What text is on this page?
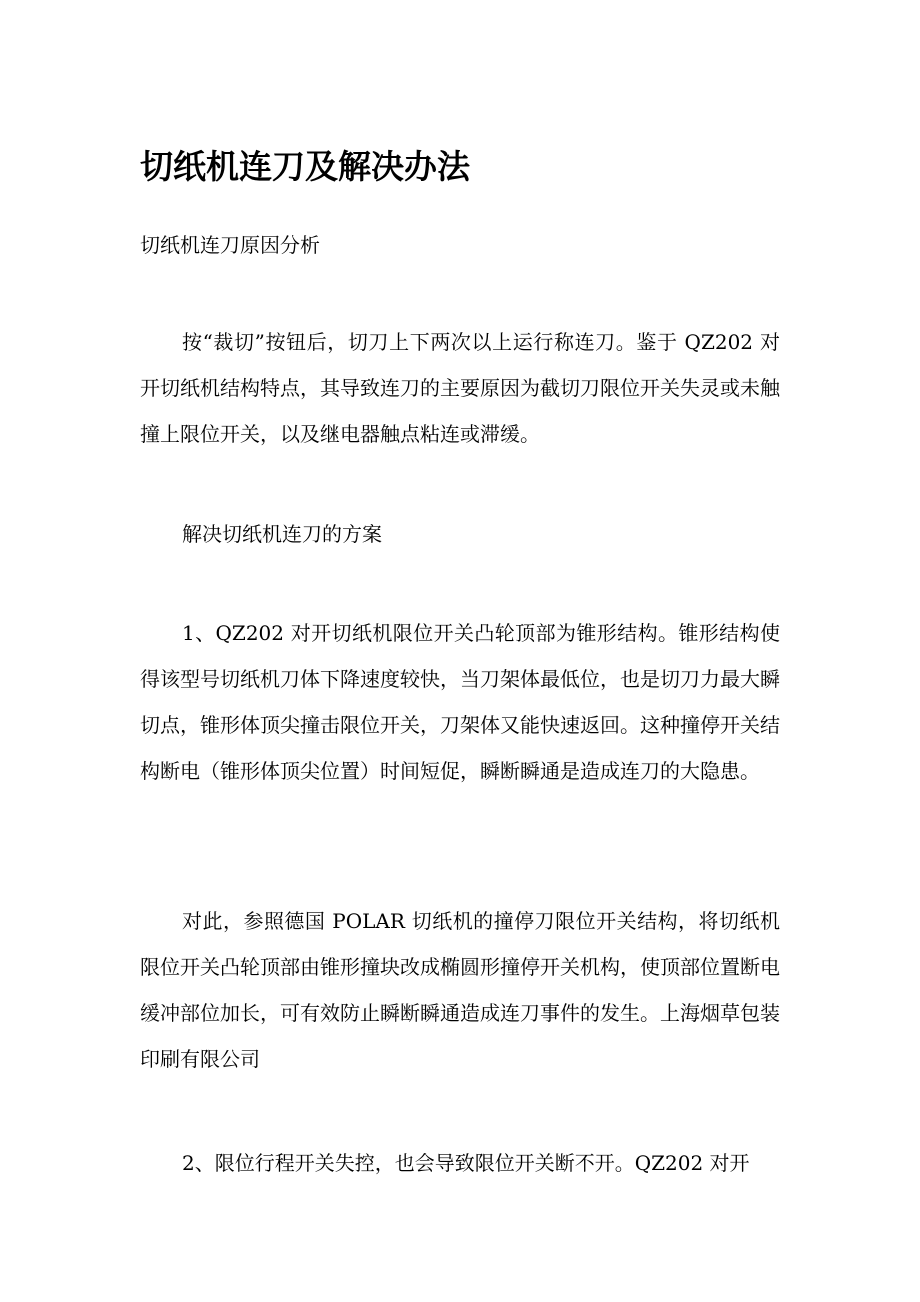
切纸机连刀及解决办法

切纸机连刀原因分析

按“裁切”按钮后，切刀上下两次以上运行称连刀。鉴于 QZ202 对开切纸机结构特点，其导致连刀的主要原因为截切刀限位开关失灵或未触撞上限位开关，以及继电器触点粘连或滞缓。

解决切纸机连刀的方案

1、QZ202 对开切纸机限位开关凸轮顶部为锥形结构。锥形结构使得该型号切纸机刀体下降速度较快，当刀架体最低位，也是切刀力最大瞬切点，锥形体顶尖撞击限位开关，刀架体又能快速返回。这种撞停开关结构断电（锥形体顶尖位置）时间短促，瞬断瞬通是造成连刀的大隐患。

对此，参照德国 POLAR 切纸机的撞停刀限位开关结构，将切纸机限位开关凸轮顶部由锥形撞块改成椭圆形撞停开关机构，使顶部位置断电缓冲部位加长，可有效防止瞬断瞬通造成连刀事件的发生。上海烟草包装印刷有限公司

2、限位行程开关失控，也会导致限位开关断不开。QZ202 对开
